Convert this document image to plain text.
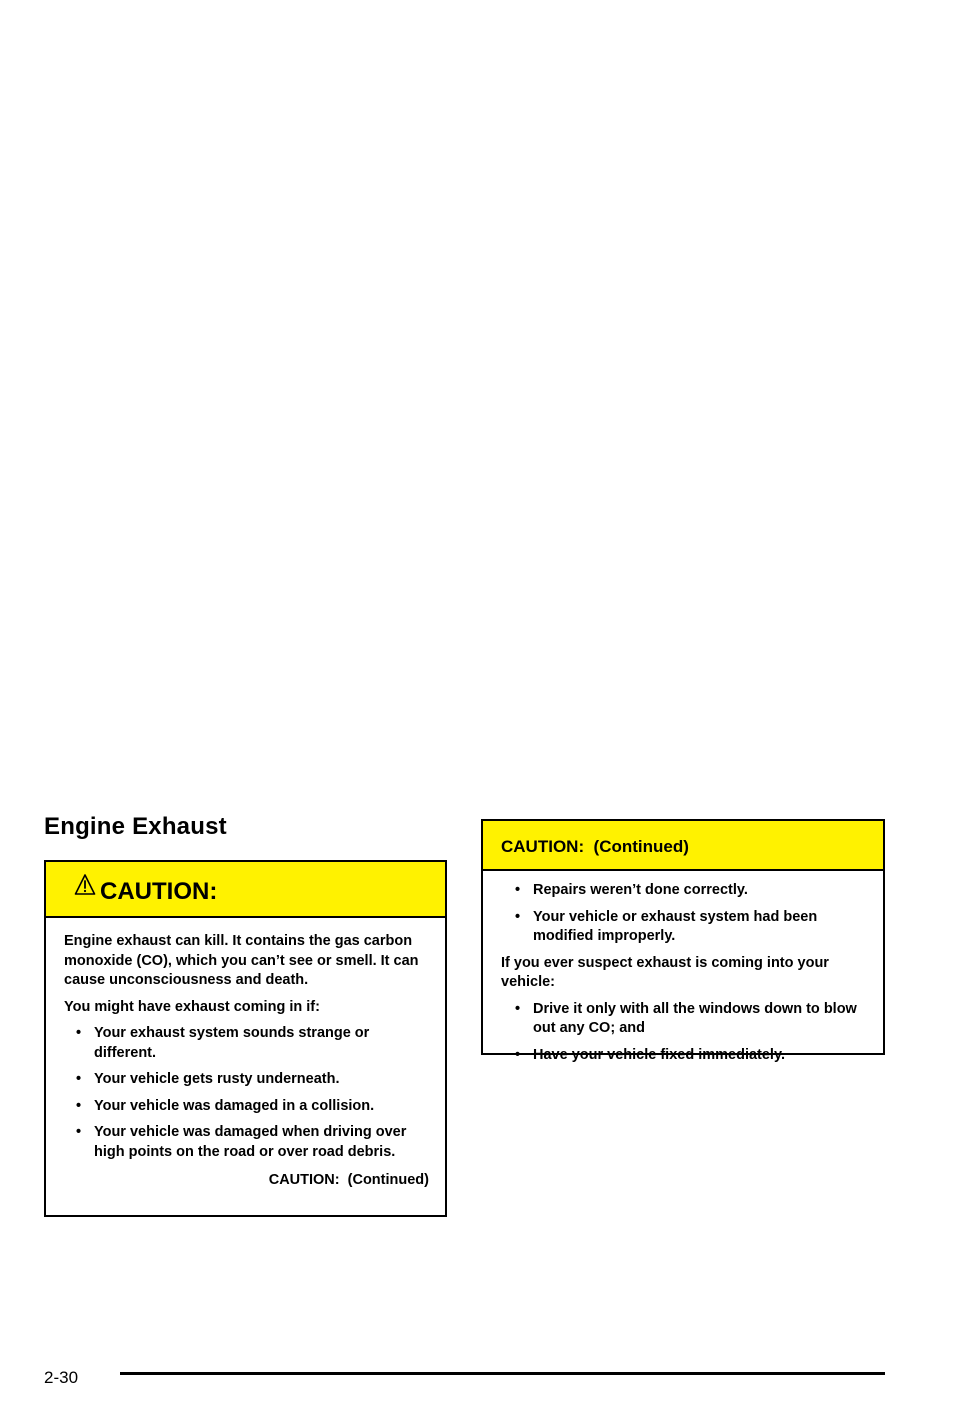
Engine Exhaust
CAUTION:

Engine exhaust can kill. It contains the gas carbon monoxide (CO), which you can’t see or smell. It can cause unconsciousness and death.

You might have exhaust coming in if:

• Your exhaust system sounds strange or different.
• Your vehicle gets rusty underneath.
• Your vehicle was damaged in a collision.
• Your vehicle was damaged when driving over high points on the road or over road debris.
CAUTION:  (Continued)
CAUTION:  (Continued)
• Repairs weren’t done correctly.
• Your vehicle or exhaust system had been modified improperly.

If you ever suspect exhaust is coming into your vehicle:

• Drive it only with all the windows down to blow out any CO; and
• Have your vehicle fixed immediately.
2-30
